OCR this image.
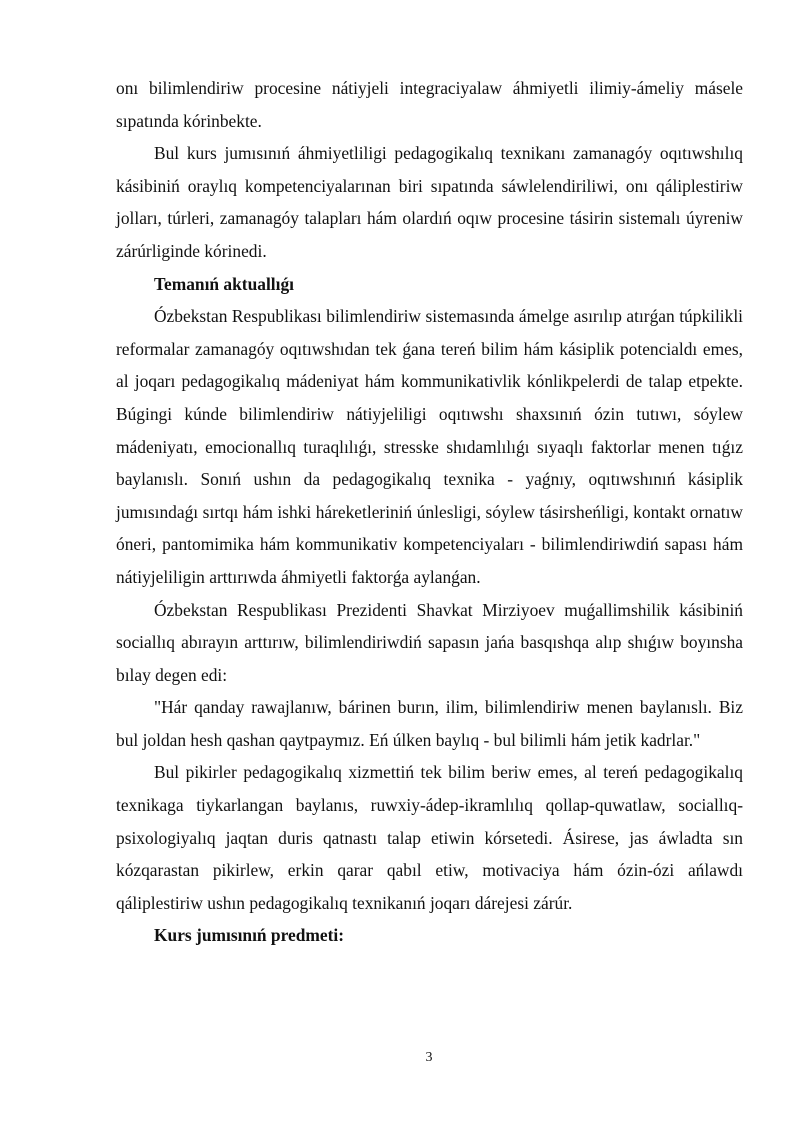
onı bilimlendiriw procesine nátiyjeli integraciyalaw áhmiyetli ilimiy-ámeliy másele sıpatında kórinbekte.

Bul kurs jumısınıń áhmiyetliligi pedagogikalıq texnikanı zamanagóy oqıtıwshılıq kásibiniń oraylıq kompetenciyalarınan biri sıpatında sáwlelendiriliwi, onı qáliplestiriw jolları, túrleri, zamanagóy talapları hám olardıń oqıw procesine tásirin sistemalı úyreniw zárúrliginde kórinedi.

Temanıń aktuallıǵı

Ózbekstan Respublikası bilimlendiriw sistemasında ámelge asırılıp atırǵan túpkilikli reformalar zamanagóy oqıtıwshıdan tek ǵana tereń bilim hám kásiplik potencialdı emes, al joqarı pedagogikalıq mádeniyat hám kommunikativlik kónlikpelerdi de talap etpekte. Búgingi kúnde bilimlendiriw nátiyjeliligi oqıtıwshı shaxsınıń ózin tutıwı, sóylew mádeniyatı, emocionallıq turaqlılıǵı, stresske shıdamlılıǵı sıyaqlı faktorlar menen tıǵız baylanıslı. Sonıń ushın da pedagogikalıq texnika - yaǵnıy, oqıtıwshınıń kásiplik jumısındaǵı sırtqı hám ishki háreketleriniń únlesligi, sóylew tásirsheńligi, kontakt ornatıw óneri, pantomimika hám kommunikativ kompetenciyaları - bilimlendiriwdiń sapası hám nátiyjeliligin arttırıwda áhmiyetli faktorǵa aylanǵan.

Ózbekstan Respublikası Prezidenti Shavkat Mirziyoev muǵallimshilik kásibiniń sociallıq abırayın arttırıw, bilimlendiriwdiń sapasın jańa basqıshqa alıp shıǵıw boyınsha bılay degen edi:

"Hár qanday rawajlanıw, bárinen burın, ilim, bilimlendiriw menen baylanıslı. Biz bul joldan hesh qashan qaytpaymız. Eń úlken baylıq - bul bilimli hám jetik kadrlar."

Bul pikirler pedagogikalıq xizmettiń tek bilim beriw emes, al tereń pedagogikalıq texnikaga tiykarlangan baylanıs, ruwxiy-ádep-ikramlılıq qollap-quwatlaw, sociallıq-psixologiyalıq jaqtan duris qatnastı talap etiwin kórsetedi. Ásirese, jas áwladta sın kózqarastan pikirlew, erkin qarar qabıl etiw, motivaciya hám ózin-ózi ańlawdı qáliplestiriw ushın pedagogikalıq texnikanıń joqarı dárejesi zárúr.

Kurs jumısınıń predmeti:

3
